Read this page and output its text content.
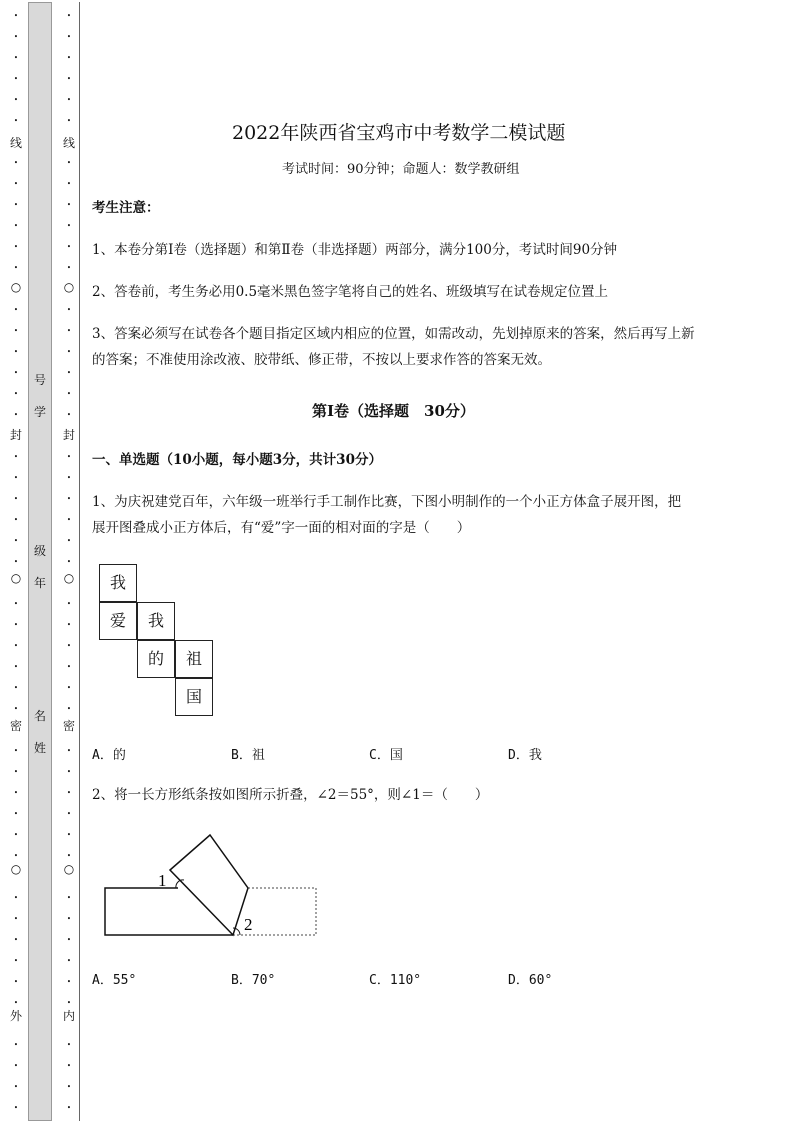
•
•
•
•
•
•
•
•
•
•
•
•
•
•
•
•
•
•
•
•
•
•
•
•
•
•
•
•
•
•
•
•
•
•
•
•
•
•
•
•
•
•
•
•
•
•
线
○
封
○
密
○
外
号

学
级

年
名

姓
•
•
•
•
•
•
•
•
•
•
•
•
•
•
•
•
•
•
•
•
•
•
•
•
•
•
•
•
•
•
•
•
•
•
•
•
•
•
•
•
•
•
•
•
•
•
线
○
封
○
密
○
内
2022年陕西省宝鸡市中考数学二模试题
考试时间：90分钟；命题人：数学教研组
考生注意：
1、本卷分第Ⅰ卷（选择题）和第Ⅱ卷（非选择题）两部分，满分100分，考试时间90分钟
2、答卷前，考生务必用0.5毫米黑色签字笔将自己的姓名、班级填写在试卷规定位置上
3、答案必须写在试卷各个题目指定区域内相应的位置，如需改动，先划掉原来的答案，然后再写上新
的答案；不准使用涂改液、胶带纸、修正带，不按以上要求作答的答案无效。
第Ⅰ卷（选择题　30分）
一、单选题（10小题，每小题3分，共计30分）
1、为庆祝建党百年，六年级一班举行手工制作比赛，下图小明制作的一个小正方体盒子展开图，把
展开图叠成小正方体后，有“爱”字一面的相对面的字是（　　）
我
爱	我
的	祖
国
A．的	B．祖	C．国	D．我
2、将一长方形纸条按如图所示折叠，∠2＝55°，则∠1＝（　　）
1
2
A．55°	B．70°	C．110°	D．60°
